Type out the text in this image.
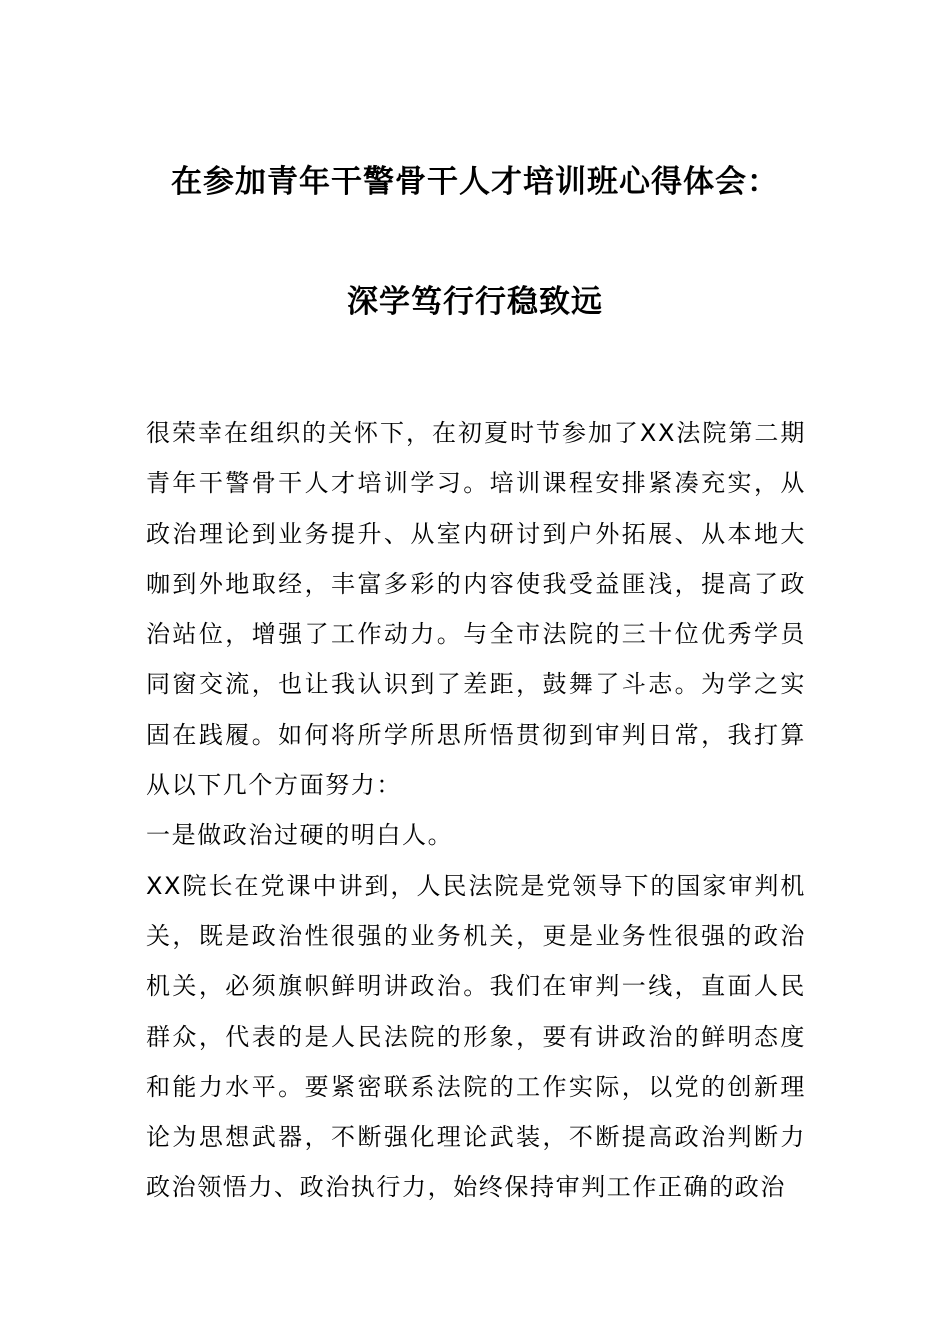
在参加青年干警骨干人才培训班心得体会：
深学笃行行稳致远

很荣幸在组织的关怀下，在初夏时节参加了XX法院第二期青年干警骨干人才培训学习。培训课程安排紧凑充实，从政治理论到业务提升、从室内研讨到户外拓展、从本地大咖到外地取经，丰富多彩的内容使我受益匪浅，提高了政治站位，增强了工作动力。与全市法院的三十位优秀学员同窗交流，也让我认识到了差距，鼓舞了斗志。为学之实固在践履。如何将所学所思所悟贯彻到审判日常，我打算从以下几个方面努力：

一是做政治过硬的明白人。

XX院长在党课中讲到，人民法院是党领导下的国家审判机关，既是政治性很强的业务机关，更是业务性很强的政治机关，必须旗帜鲜明讲政治。我们在审判一线，直面人民群众，代表的是人民法院的形象，要有讲政治的鲜明态度和能力水平。要紧密联系法院的工作实际，以党的创新理论为思想武器，不断强化理论武装，不断提高政治判断力政治领悟力、政治执行力，始终保持审判工作正确的政治
